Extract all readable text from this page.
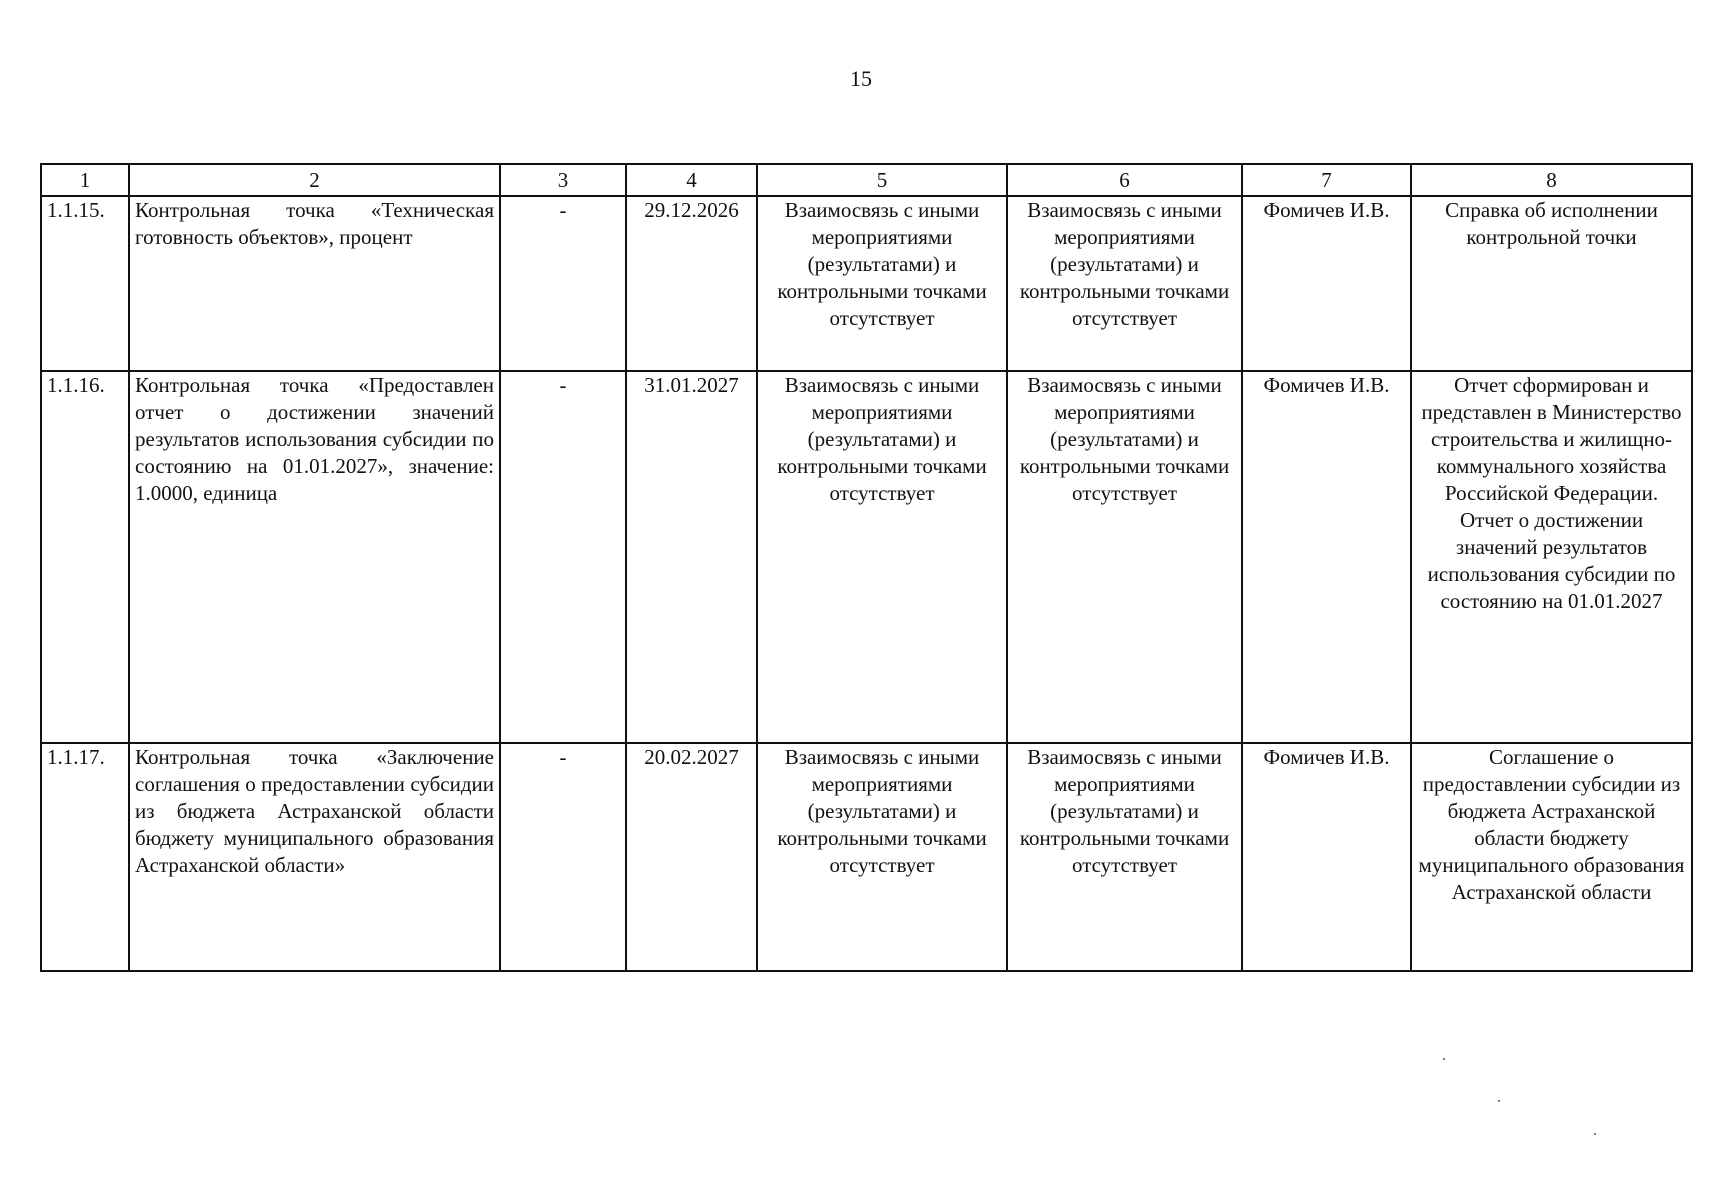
15
1	2	3	4	5	6	7	8
1.1.15.	Контрольная точка «Техническая готовность объектов», процент	-	29.12.2026	Взаимосвязь с иными мероприятиями (результатами) и контрольными точками отсутствует	Взаимосвязь с иными мероприятиями (результатами) и контрольными точками отсутствует	Фомичев И.В.	Справка об исполнении контрольной точки
1.1.16.	Контрольная точка «Предоставлен отчет о достижении значений результатов использования субсидии по состоянию на 01.01.2027», значение: 1.0000, единица	-	31.01.2027	Взаимосвязь с иными мероприятиями (результатами) и контрольными точками отсутствует	Взаимосвязь с иными мероприятиями (результатами) и контрольными точками отсутствует	Фомичев И.В.	Отчет сформирован и представлен в Министерство строительства и жилищно-коммунального хозяйства Российской Федерации. Отчет о достижении значений результатов использования субсидии по состоянию на 01.01.2027
1.1.17.	Контрольная точка «Заключение соглашения о предоставлении субсидии из бюджета Астраханской области бюджету муниципального образования Астраханской области»	-	20.02.2027	Взаимосвязь с иными мероприятиями (результатами) и контрольными точками отсутствует	Взаимосвязь с иными мероприятиями (результатами) и контрольными точками отсутствует	Фомичев И.В.	Соглашение о предоставлении субсидии из бюджета Астраханской области бюджету муниципального образования Астраханской области
